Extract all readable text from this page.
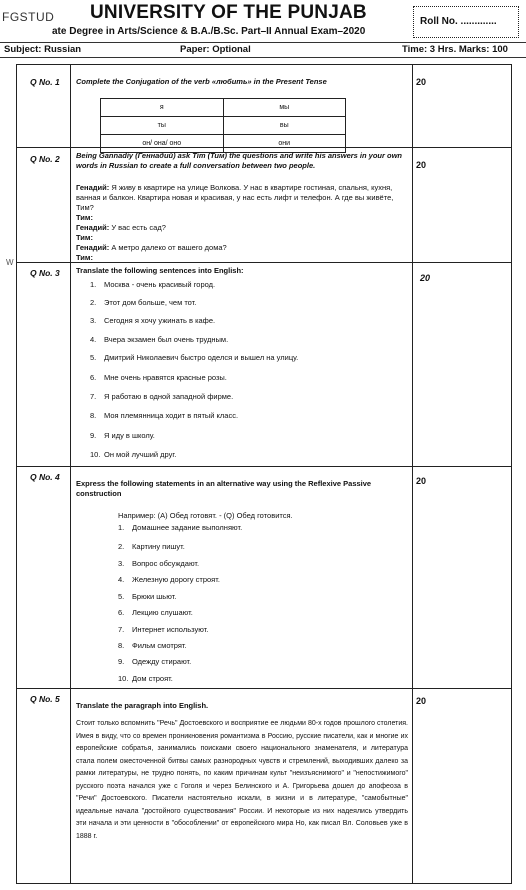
FGSTUD UNIVERSITY OF THE PUNJAB
ate Degree in Arts/Science & B.A./B.Sc. Part–II Annual Exam–2020
Roll No. .............
Subject: Russian	Paper: Optional	Time: 3 Hrs. Marks: 100
W
Q No. 1	20
Complete the Conjugation of the verb «любить» in the Present Tense
я	мы
ты	вы
он/ она/ оно	они
Q No. 2
20
Being Gannadiy (Геннадий) ask Tim (Тим) the questions and write his answers in your own words in Russian to create a full conversation between two people.
Генадий: Я живу в квартире на улице Волкова. У нас в квартире гостиная, спальня, кухня, ванная и балкон. Квартира новая и красивая, у нас есть лифт и телефон. А где вы живёте, Тим?
Тим:
Генадий: У вас есть сад?
Тим:
Генадий: А метро далеко от вашего дома?
Тим:
Q No. 3	20
Translate the following sentences into English:
1. Москва - очень красивый город.
2. Этот дом больше, чем тот.
3. Сегодня я хочу ужинать в кафе.
4. Вчера экзамен был очень трудным.
5. Дмитрий Николаевич быстро оделся и вышел на улицу.
6. Мне очень нравятся красные розы.
7. Я работаю в одной западной фирме.
8. Моя племянница ходит в пятый класс.
9. Я иду в школу.
10. Он мой лучший друг.
Q No. 4	20
Express the following statements in an alternative way using the Reflexive Passive construction
Например: (А) Обед готовят. - (Q) Обед готовится.
1. Домашнее задание выполняют.
2. Картину пишут.
3. Вопрос обсуждают.
4. Железную дорогу строят.
5. Брюки шьют.
6. Лекцию слушают.
7. Интернет используют.
8. Фильм смотрят.
9. Одежду стирают.
10. Дом строят.
Q No. 5	20
Translate the paragraph into English.
Стоит только вспомнить "Речь" Достоевского и восприятие ее людьми 80-х годов прошлого столетия. Имея в виду, что со времен проникновения романтизма в Россию, русские писатели, как и многие их европейские собратья, занимались поисками своего национального знаменателя, и литература стала полем ожесточенной битвы самых разнородных чувств и стремлений, выходивших далеко за рамки литературы, не трудно понять, по каким причинам культ "неизъяснимого" и "непостижимого" русского поэта начался уже с Гоголя и через Белинского и А. Григорьева дошел до апофеоза в "Речи" Достоевского. Писатели настоятельно искали, в жизни и в литературе, "самобытные" идеальные начала "достойного существования" России. И некоторые из них надеялись утвердить эти начала и эти ценности в "обособлении" от европейского мира Но, как писал Вл. Соловьев уже в 1888 г.
